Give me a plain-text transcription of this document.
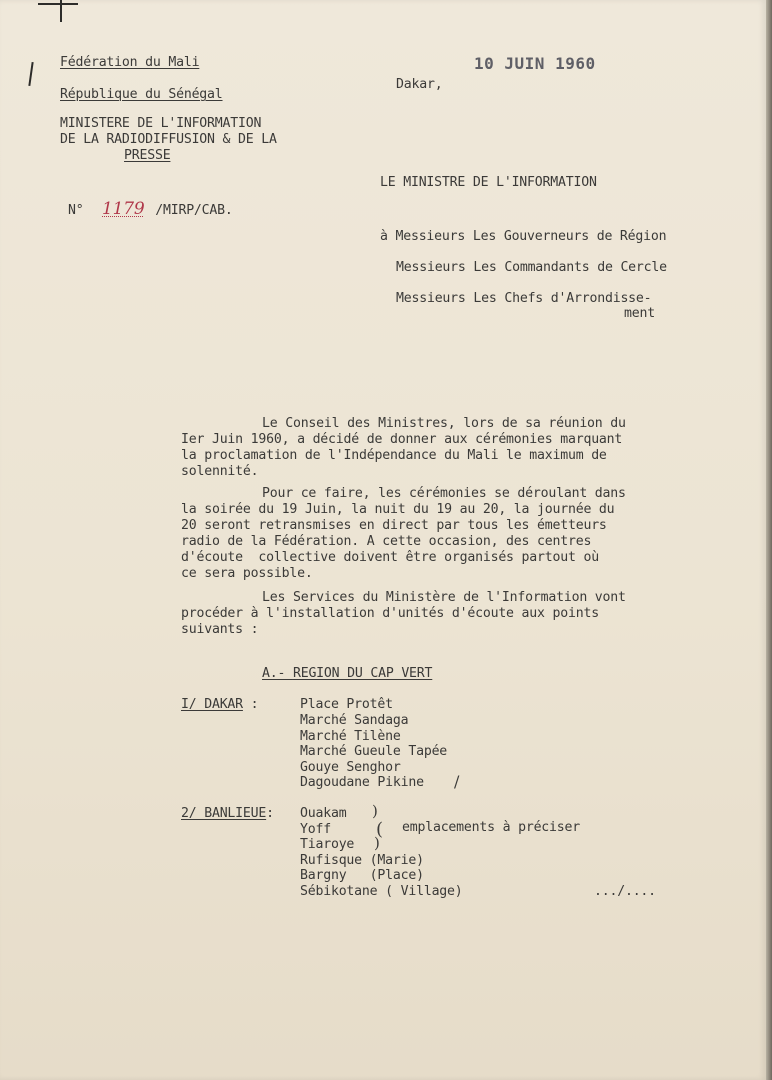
Fédération du Mali
République du Sénégal
MINISTERE DE L'INFORMATION
DE LA RADIODIFFUSION & DE LA
PRESSE
Dakar,
10 JUIN 1960
N° 1179 /MIRP/CAB.
LE MINISTRE DE L'INFORMATION
à Messieurs Les Gouverneurs de Région
Messieurs Les Commandants de Cercle
Messieurs Les Chefs d'Arrondisse-
ment
Le Conseil des Ministres, lors de sa réunion du
Ier Juin 1960, a décidé de donner aux cérémonies marquant
la proclamation de l'Indépendance du Mali le maximum de
solennité.
Pour ce faire, les cérémonies se déroulant dans
la soirée du 19 Juin, la nuit du 19 au 20, la journée du
20 seront retransmises en direct par tous les émetteurs
radio de la Fédération. A cette occasion, des centres
d'écoute  collective doivent être organisés partout où
ce sera possible.
Les Services du Ministère de l'Information vont
procéder à l'installation d'unités d'écoute aux points
suivants :
A.- REGION DU CAP VERT
I/ DAKAR :	Place Protêt
Marché Sandaga
Marché Tilène
Marché Gueule Tapée
Gouye Senghor
Dagoudane Pikine /
2/ BANLIEUE: Ouakam
Yoff
Tiaroye
Rufisque (Marie)
Bargny   (Place)
Sébikotane ( Village)
)
(
)
emplacements à préciser
.../....
